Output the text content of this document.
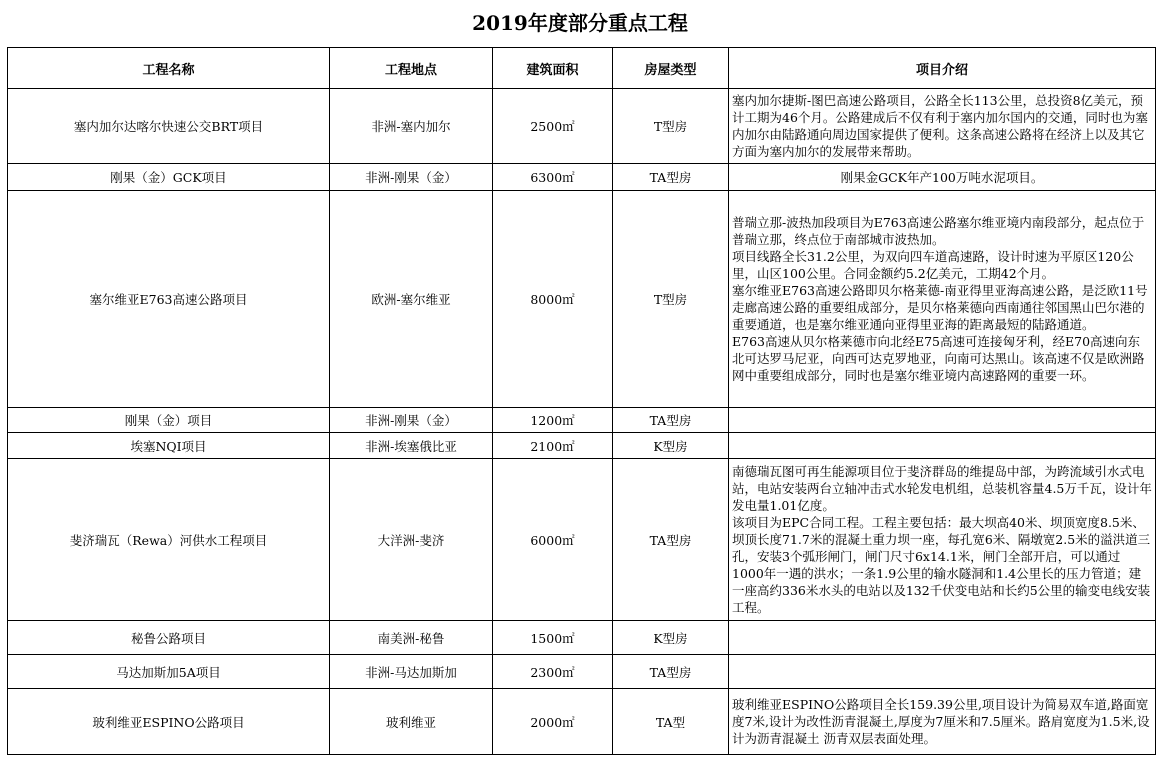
2019年度部分重点工程
工程名称	工程地点	建筑面积	房屋类型	项目介绍
塞内加尔达喀尔快速公交BRT项目	非洲-塞内加尔	2500㎡	T型房	塞内加尔捷斯-图巴高速公路项目，公路全长113公里，总投资8亿美元，预计工期为46个月。公路建成后不仅有利于塞内加尔国内的交通，同时也为塞内加尔由陆路通向周边国家提供了便利。这条高速公路将在经济上以及其它方面为塞内加尔的发展带来帮助。

刚果（金）GCK项目	非洲-刚果（金）	6300㎡	TA型房	刚果金GCK年产100万吨水泥项目。

塞尔维亚E763高速公路项目	欧洲-塞尔维亚	8000㎡	T型房	普瑞立那-波热加段项目为E763高速公路塞尔维亚境内南段部分，起点位于普瑞立那，终点位于南部城市波热加。
项目线路全长31.2公里，为双向四车道高速路，设计时速为平原区120公里，山区100公里。合同金额约5.2亿美元，工期42个月。
塞尔维亚E763高速公路即贝尔格莱德-南亚得里亚海高速公路，是泛欧11号走廊高速公路的重要组成部分，是贝尔格莱德向西南通往邻国黑山巴尔港的重要通道，也是塞尔维亚通向亚得里亚海的距离最短的陆路通道。
E763高速从贝尔格莱德市向北经E75高速可连接匈牙利，经E70高速向东北可达罗马尼亚，向西可达克罗地亚，向南可达黑山。该高速不仅是欧洲路网中重要组成部分，同时也是塞尔维亚境内高速路网的重要一环。

刚果（金）项目	非洲-刚果（金）	1200㎡	TA型房	
埃塞NQI项目	非洲-埃塞俄比亚	2100㎡	K型房	
斐济瑞瓦（Rewa）河供水工程项目	大洋洲-斐济	6000㎡	TA型房	南德瑞瓦图可再生能源项目位于斐济群岛的维提岛中部，为跨流域引水式电站，电站安装两台立轴冲击式水轮发电机组，总装机容量4.5万千瓦，设计年发电量1.01亿度。
该项目为EPC合同工程。工程主要包括：最大坝高40米、坝顶宽度8.5米、坝顶长度71.7米的混凝土重力坝一座，每孔宽6米、隔墩宽2.5米的溢洪道三孔，安装3个弧形闸门，闸门尺寸6x14.1米，闸门全部开启，可以通过1000年一遇的洪水；一条1.9公里的输水隧洞和1.4公里长的压力管道；建一座高约336米水头的电站以及132千伏变电站和长约5公里的输变电线安装工程。

秘鲁公路项目	南美洲-秘鲁	1500㎡	K型房	
马达加斯加5A项目	非洲-马达加斯加	2300㎡	TA型房	
玻利维亚ESPINO公路项目	玻利维亚	2000㎡	TA型	玻利维亚ESPINO公路项目全长159.39公里,项目设计为简易双车道,路面宽度7米,设计为改性沥青混凝土,厚度为7厘米和7.5厘米。路肩宽度为1.5米,设计为沥青混凝土 沥青双层表面处理。
